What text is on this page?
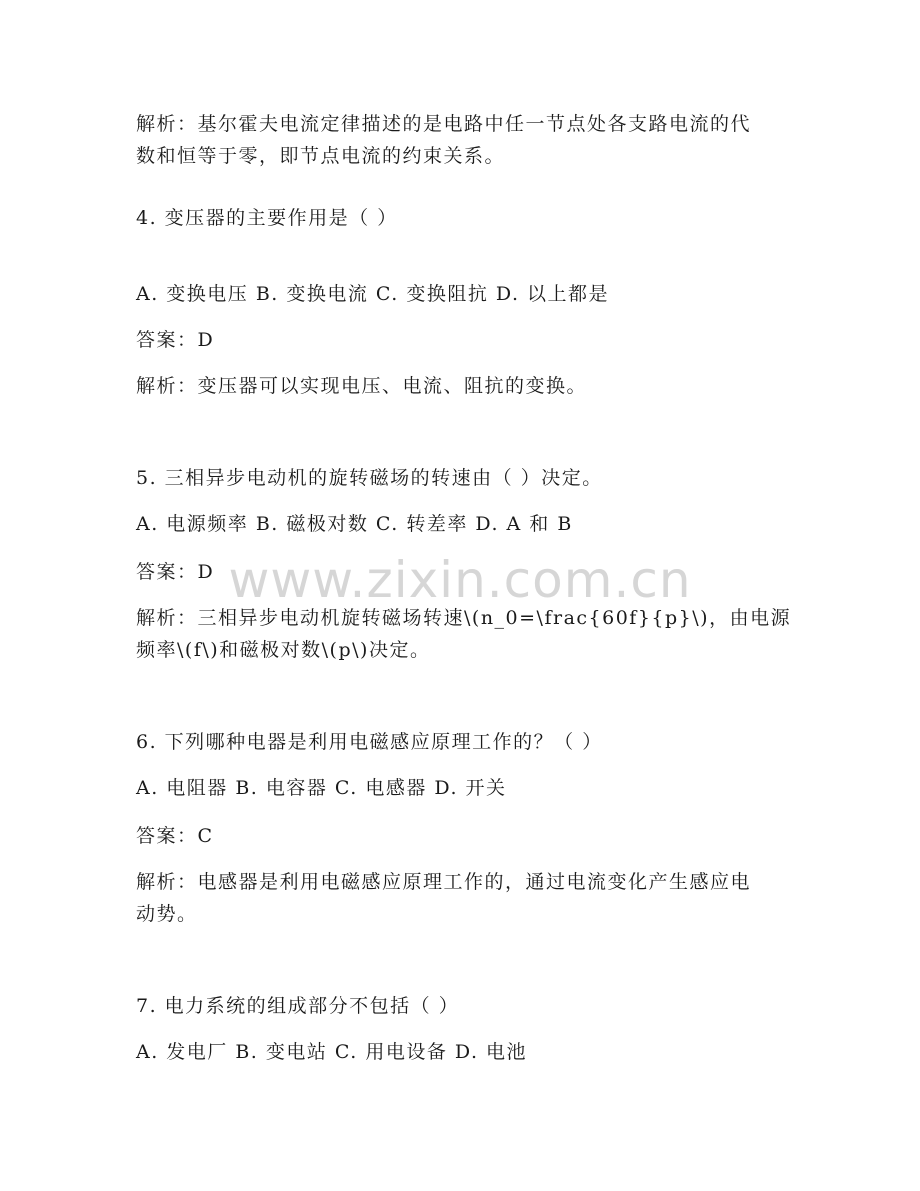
解析：基尔霍夫电流定律描述的是电路中任一节点处各支路电流的代
数和恒等于零，即节点电流的约束关系。
4. 变压器的主要作用是（ ）
A. 变换电压 B. 变换电流 C. 变换阻抗 D. 以上都是
答案：D
解析：变压器可以实现电压、电流、阻抗的变换。
5. 三相异步电动机的旋转磁场的转速由（ ）决定。
A. 电源频率 B. 磁极对数 C. 转差率 D. A 和 B
答案：D
解析：三相异步电动机旋转磁场转速\(n_0=\frac{60f}{p}\)，由电源
频率\(f\)和磁极对数\(p\)决定。
6. 下列哪种电器是利用电磁感应原理工作的？（ ）
A. 电阻器 B. 电容器 C. 电感器 D. 开关
答案：C
解析：电感器是利用电磁感应原理工作的，通过电流变化产生感应电
动势。
7. 电力系统的组成部分不包括（ ）
A. 发电厂 B. 变电站 C. 用电设备 D. 电池
www.zixin.com.cn
